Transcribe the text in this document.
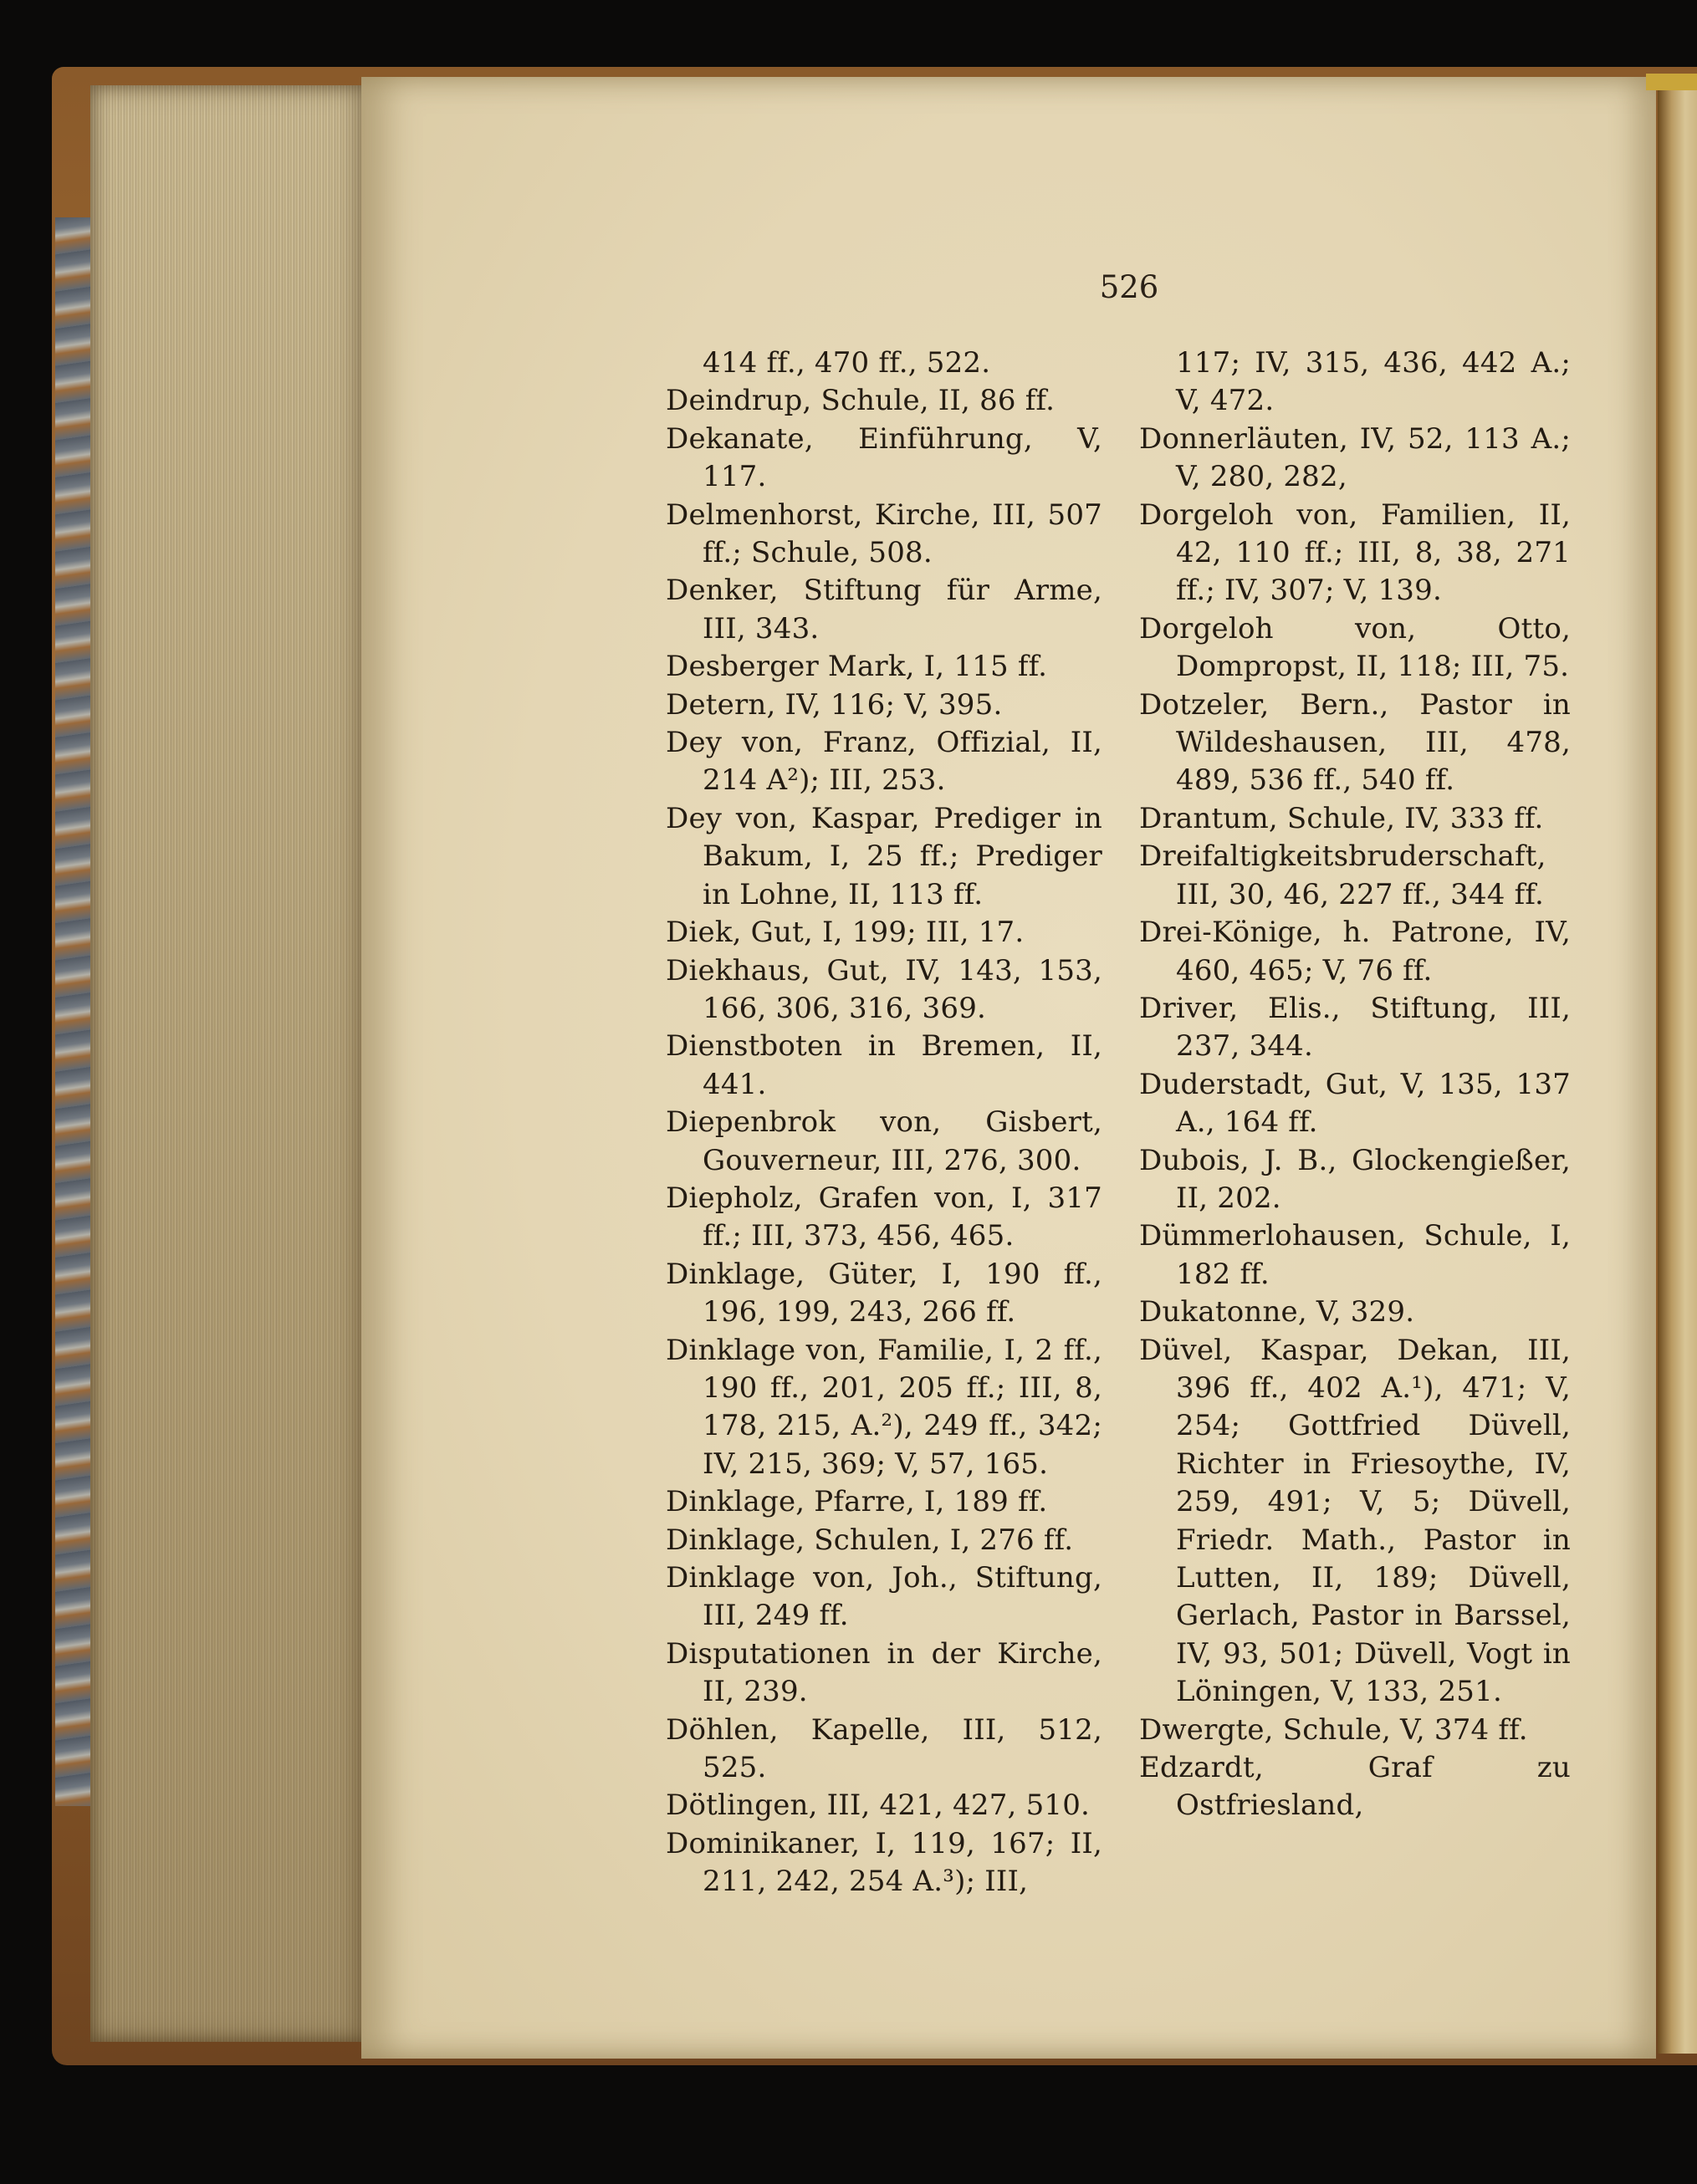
526

414 ff., 470 ff., 522.

Deindrup, Schule, II, 86 ff.

Dekanate, Einführung, V, 117.

Delmenhorst, Kirche, III, 507 ff.; Schule, 508.

Denker, Stiftung für Arme, III, 343.

Desberger Mark, I, 115 ff.

Detern, IV, 116; V, 395.

Dey von, Franz, Offizial, II, 214 A²); III, 253.

Dey von, Kaspar, Prediger in Bakum, I, 25 ff.; Prediger in Lohne, II, 113 ff.

Diek, Gut, I, 199; III, 17.

Diekhaus, Gut, IV, 143, 153, 166, 306, 316, 369.

Dienstboten in Bremen, II, 441.

Diepenbrok von, Gisbert, Gouverneur, III, 276, 300.

Diepholz, Grafen von, I, 317 ff.; III, 373, 456, 465.

Dinklage, Güter, I, 190 ff., 196, 199, 243, 266 ff.

Dinklage von, Familie, I, 2 ff., 190 ff., 201, 205 ff.; III, 8, 178, 215, A.²), 249 ff., 342; IV, 215, 369; V, 57, 165.

Dinklage, Pfarre, I, 189 ff.

Dinklage, Schulen, I, 276 ff.

Dinklage von, Joh., Stiftung, III, 249 ff.

Disputationen in der Kirche, II, 239.

Döhlen, Kapelle, III, 512, 525.

Dötlingen, III, 421, 427, 510.

Dominikaner, I, 119, 167; II, 211, 242, 254 A.³); III,

117; IV, 315, 436, 442 A.; V, 472.

Donnerläuten, IV, 52, 113 A.; V, 280, 282,

Dorgeloh von, Familien, II, 42, 110 ff.; III, 8, 38, 271 ff.; IV, 307; V, 139.

Dorgeloh von, Otto, Dompropst, II, 118; III, 75.

Dotzeler, Bern., Pastor in Wildeshausen, III, 478, 489, 536 ff., 540 ff.

Drantum, Schule, IV, 333 ff.

Dreifaltigkeitsbruderschaft, III, 30, 46, 227 ff., 344 ff.

Drei-Könige, h. Patrone, IV, 460, 465; V, 76 ff.

Driver, Elis., Stiftung, III, 237, 344.

Duderstadt, Gut, V, 135, 137 A., 164 ff.

Dubois, J. B., Glockengießer, II, 202.

Dümmerlohausen, Schule, I, 182 ff.

Dukatonne, V, 329.

Düvel, Kaspar, Dekan, III, 396 ff., 402 A.¹), 471; V, 254; Gottfried Düvell, Richter in Friesoythe, IV, 259, 491; V, 5; Düvell, Friedr. Math., Pastor in Lutten, II, 189; Düvell, Gerlach, Pastor in Barssel, IV, 93, 501; Düvell, Vogt in Löningen, V, 133, 251.

Dwergte, Schule, V, 374 ff.

Edzardt, Graf zu Ostfriesland,
